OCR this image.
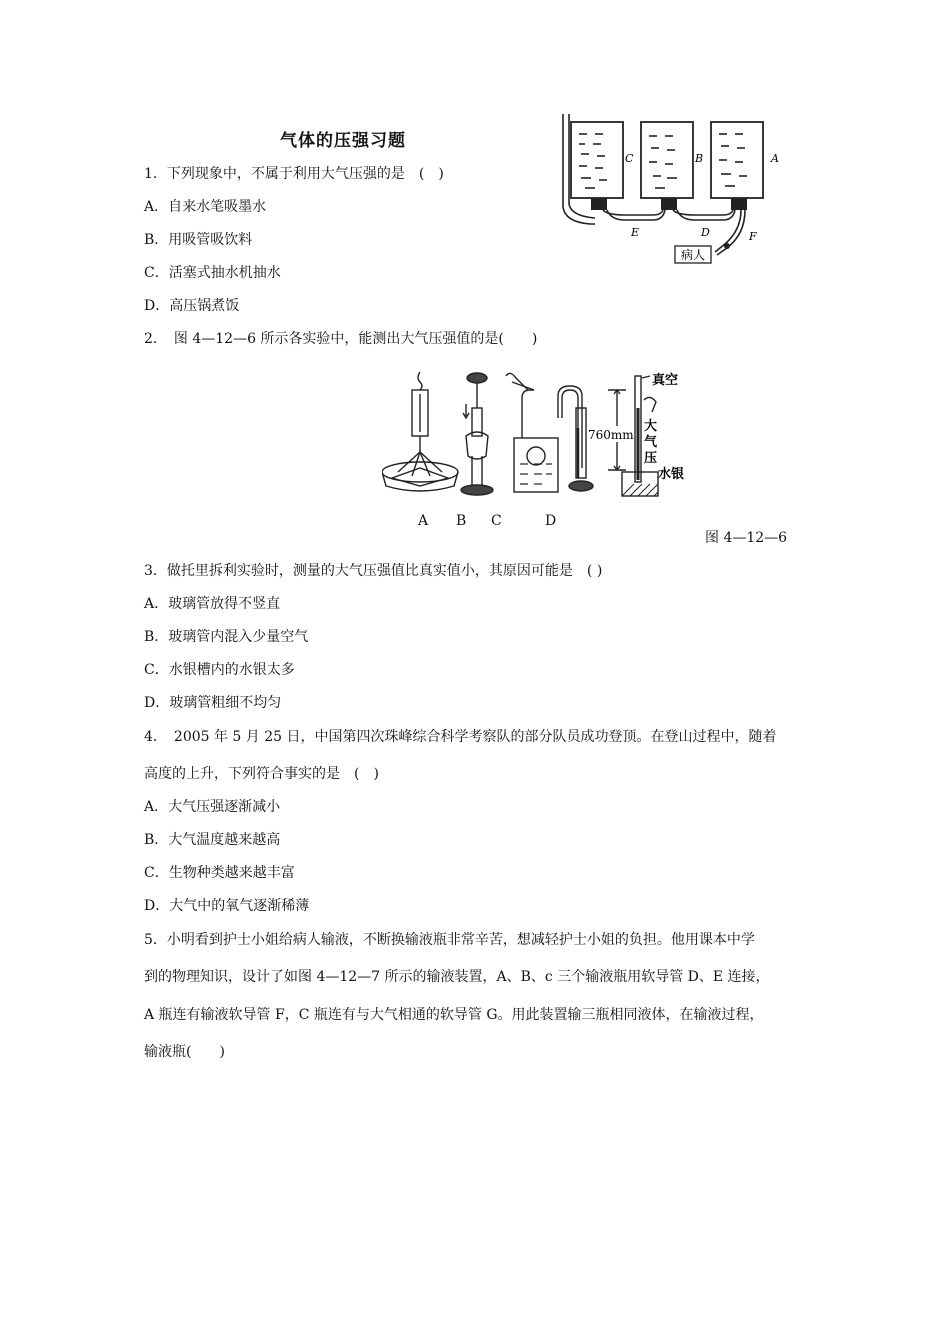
气体的压强习题
病人
C	B	A
E	D	F
1．下列现象中，不属于利用大气压强的是　(　)
A．自来水笔吸墨水
B．用吸管吸饮料
C．活塞式抽水机抽水
D．高压锅煮饭
2．　图 4—12—6 所示各实验中，能测出大气压强值的是(　　)
真空
水银
大
气
压
760mm
A B C	D
图 4—12—6
3．做托里拆利实验时，测量的大气压强值比真实值小，其原因可能是　( )
A．玻璃管放得不竖直
B．玻璃管内混入少量空气
C．水银槽内的水银太多
D．玻璃管粗细不均匀
4．　2005 年 5 月 25 日，中国第四次珠峰综合科学考察队的部分队员成功登顶。在登山过程中，随着
高度的上升，下列符合事实的是　(　)
A．大气压强逐渐减小
B．大气温度越来越高
C．生物种类越来越丰富
D．大气中的氧气逐渐稀薄
5．小明看到护士小姐给病人输液，不断换输液瓶非常辛苦，想减轻护士小姐的负担。他用课本中学
到的物理知识，设计了如图 4—12—7 所示的输液装置，A、B、c 三个输液瓶用软导管 D、E 连接，
A 瓶连有输液软导管 F，C 瓶连有与大气相通的软导管 G。用此装置输三瓶相同液体，在输液过程，
输液瓶(　　)
